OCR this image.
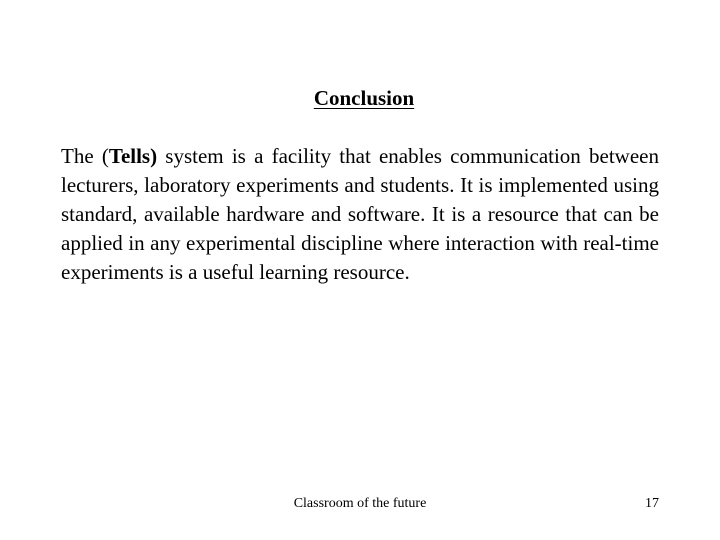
Conclusion

The (Tells) system is a facility that enables communication between lecturers, laboratory experiments and students. It is implemented using standard, available hardware and software. It is a resource that can be applied in any experimental discipline where interaction with real-time experiments is a useful learning resource.

Classroom of the future	17
